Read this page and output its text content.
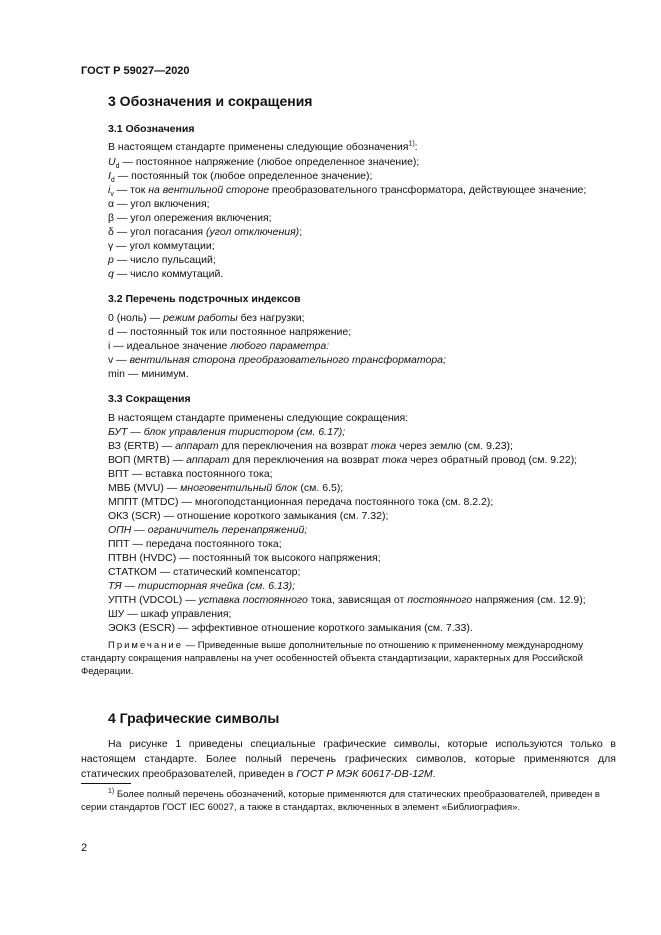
ГОСТ Р 59027—2020
3 Обозначения и сокращения
3.1 Обозначения
В настоящем стандарте применены следующие обозначения$^{1)}$:
$U_d$ — постоянное напряжение (любое определенное значение);
$I_d$ — постоянный ток (любое определенное значение);
$i_v$ — ток на вентильной стороне преобразовательного трансформатора, действующее значение;
α — угол включения;
β — угол опережения включения;
δ — угол погасания (угол отключения);
γ — угол коммутации;
p — число пульсаций;
q — число коммутаций.
3.2 Перечень подстрочных индексов
0 (ноль) — режим работы без нагрузки;
d — постоянный ток или постоянное напряжение;
i — идеальное значение любого параметра:
v — вентильная сторона преобразовательного трансформатора;
min — минимум.
3.3 Сокращения
В настоящем стандарте применены следующие сокращения:
БУТ — блок управления тиристором (см. 6.17);
ВЗ (ERTB) — аппарат для переключения на возврат тока через землю (см. 9.23);
ВОП (MRTB) — аппарат для переключения на возврат тока через обратный провод (см. 9.22);
ВПТ — вставка постоянного тока;
МВБ (MVU) — многовентильный блок (см. 6.5);
МППТ (MTDC) — многоподстанционная передача постоянного тока (см. 8.2.2);
ОКЗ (SCR) — отношение короткого замыкания (см. 7.32);
ОПН — ограничитель перенапряжений;
ППТ — передача постоянного тока;
ПТВН (HVDC) — постоянный ток высокого напряжения;
СТАТКОМ — статический компенсатор;
ТЯ — тиристорная ячейка (см. 6.13);
УПТН (VDCOL) — уставка постоянного тока, зависящая от постоянного напряжения (см. 12.9);
ШУ — шкаф управления;
ЭОКЗ (ESCR) — эффективное отношение короткого замыкания (см. 7.33).
Примечание — Приведенные выше дополнительные по отношению к примененному международному стандарту сокращения направлены на учет особенностей объекта стандартизации, характерных для Российской Федерации.
4 Графические символы
На рисунке 1 приведены специальные графические символы, которые используются только в настоящем стандарте. Более полный перечень графических символов, которые применяются для статических преобразователей, приведен в ГОСТ Р МЭК 60617-DB-12M.
$^{1)}$ Более полный перечень обозначений, которые применяются для статических преобразователей, приведен в серии стандартов ГОСТ IEC 60027, а также в стандартах, включенных в элемент «Библиография».
2
